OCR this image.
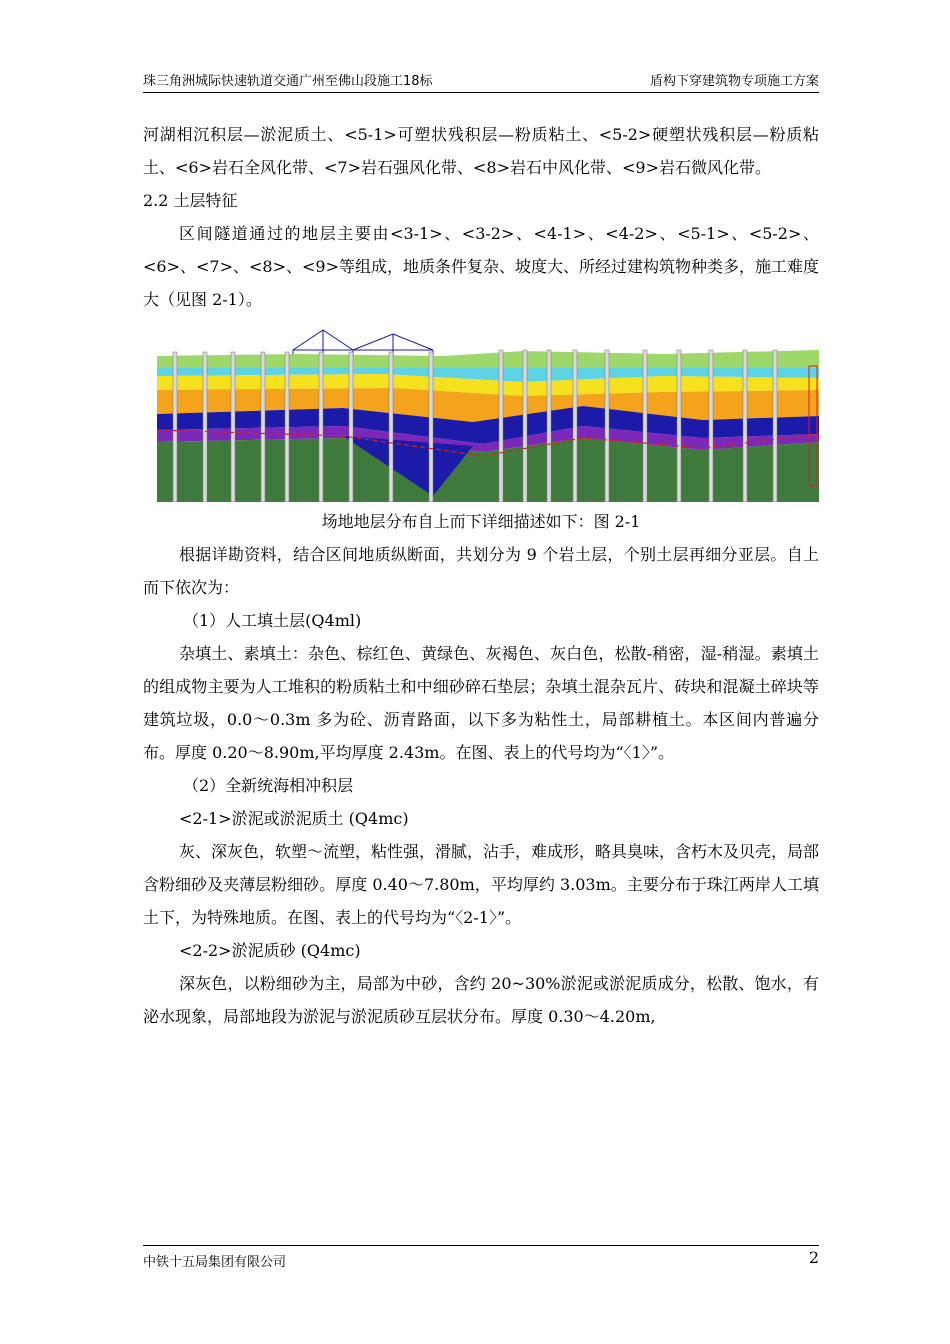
珠三角洲城际快速轨道交通广州至佛山段施工18标	盾构下穿建筑物专项施工方案

河湖相沉积层—淤泥质土、<5-1>可塑状残积层—粉质粘土、<5-2>硬塑状残积层—粉质粘土、<6>岩石全风化带、<7>岩石强风化带、<8>岩石中风化带、<9>岩石微风化带。

2.2 土层特征

区间隧道通过的地层主要由<3-1>、<3-2>、<4-1>、<4-2>、<5-1>、<5-2>、<6>、<7>、<8>、<9>等组成，地质条件复杂、坡度大、所经过建构筑物种类多，施工难度大（见图 2-1）。

场地地层分布自上而下详细描述如下：图 2-1

根据详勘资料，结合区间地质纵断面，共划分为 9 个岩土层，个别土层再细分亚层。自上而下依次为：

（1）人工填土层(Q4ml)

杂填土、素填土：杂色、棕红色、黄绿色、灰褐色、灰白色，松散-稍密，湿-稍湿。素填土的组成物主要为人工堆积的粉质粘土和中细砂碎石垫层；杂填土混杂瓦片、砖块和混凝土碎块等建筑垃圾，0.0～0.3m 多为砼、沥青路面，以下多为粘性土，局部耕植土。本区间内普遍分布。厚度 0.20～8.90m,平均厚度 2.43m。在图、表上的代号均为“〈1〉”。

（2）全新统海相冲积层

<2-1>淤泥或淤泥质土 (Q4mc)

灰、深灰色，软塑～流塑，粘性强，滑腻，沾手，难成形，略具臭味，含朽木及贝壳，局部含粉细砂及夹薄层粉细砂。厚度 0.40～7.80m，平均厚约 3.03m。主要分布于珠江两岸人工填土下，为特殊地质。在图、表上的代号均为“〈2-1〉”。

<2-2>淤泥质砂 (Q4mc)

深灰色，以粉细砂为主，局部为中砂，含约 20~30%淤泥或淤泥质成分，松散、饱水，有泌水现象，局部地段为淤泥与淤泥质砂互层状分布。厚度 0.30～4.20m,

中铁十五局集团有限公司	2
